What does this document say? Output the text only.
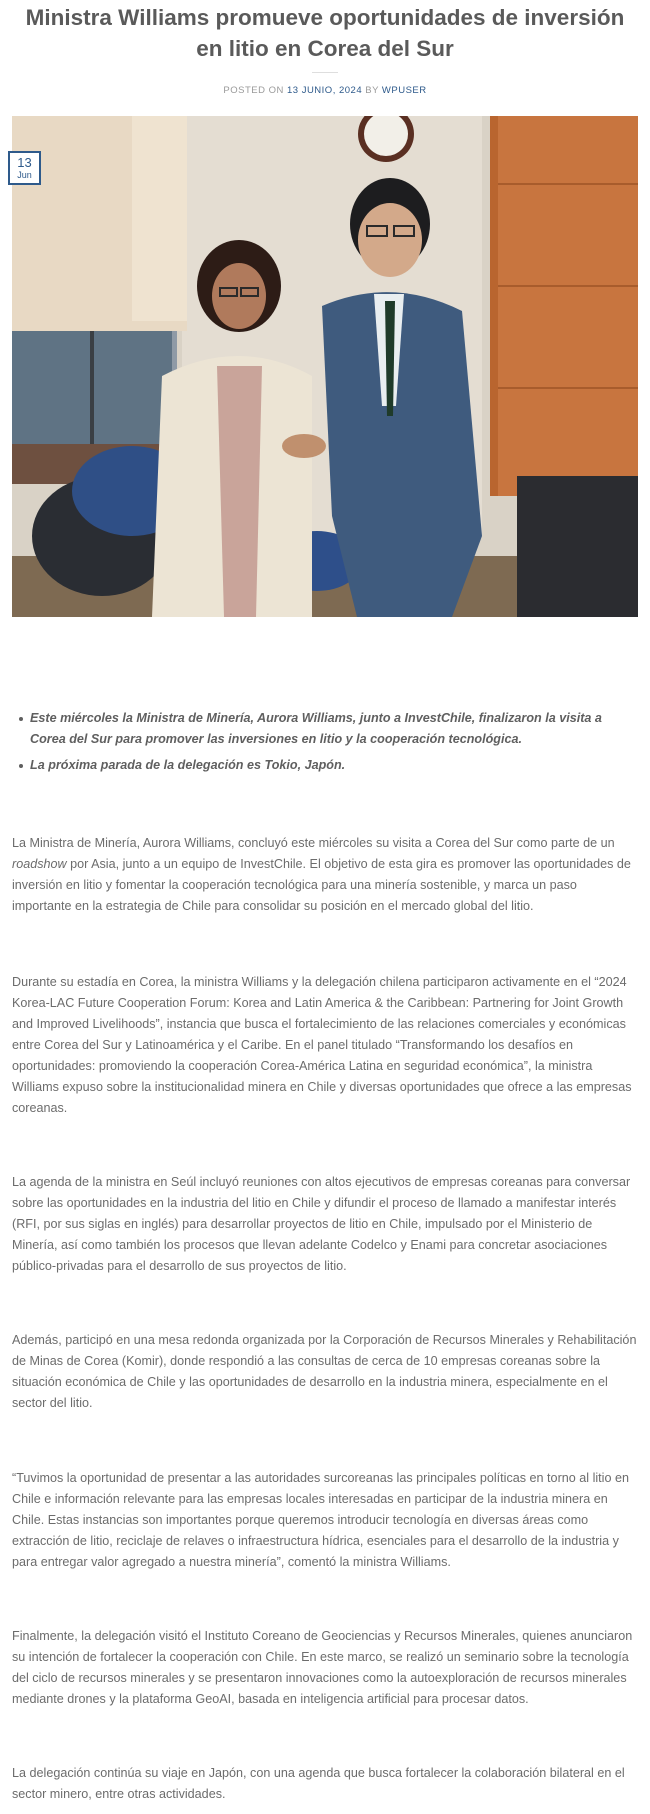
Ministra Williams promueve oportunidades de inversión en litio en Corea del Sur
POSTED ON 13 JUNIO, 2024 BY WPUSER
13
Jun
Este miércoles la Ministra de Minería, Aurora Williams, junto a InvestChile, finalizaron la visita a Corea del Sur para promover las inversiones en litio y la cooperación tecnológica.
La próxima parada de la delegación es Tokio, Japón.

La Ministra de Minería, Aurora Williams, concluyó este miércoles su visita a Corea del Sur como parte de un roadshow por Asia, junto a un equipo de InvestChile. El objetivo de esta gira es promover las oportunidades de inversión en litio y fomentar la cooperación tecnológica para una minería sostenible, y marca un paso importante en la estrategia de Chile para consolidar su posición en el mercado global del litio.

Durante su estadía en Corea, la ministra Williams y la delegación chilena participaron activamente en el “2024 Korea-LAC Future Cooperation Forum: Korea and Latin America & the Caribbean: Partnering for Joint Growth and Improved Livelihoods”, instancia que busca el fortalecimiento de las relaciones comerciales y económicas entre Corea del Sur y Latinoamérica y el Caribe. En el panel titulado “Transformando los desafíos en oportunidades: promoviendo la cooperación Corea-América Latina en seguridad económica”, la ministra Williams expuso sobre la institucionalidad minera en Chile y diversas oportunidades que ofrece a las empresas coreanas.

La agenda de la ministra en Seúl incluyó reuniones con altos ejecutivos de empresas coreanas para conversar sobre las oportunidades en la industria del litio en Chile y difundir el proceso de llamado a manifestar interés (RFI, por sus siglas en inglés) para desarrollar proyectos de litio en Chile, impulsado por el Ministerio de Minería, así como también los procesos que llevan adelante Codelco y Enami para concretar asociaciones público-privadas para el desarrollo de sus proyectos de litio.

Además, participó en una mesa redonda organizada por la Corporación de Recursos Minerales y Rehabilitación de Minas de Corea (Komir), donde respondió a las consultas de cerca de 10 empresas coreanas sobre la situación económica de Chile y las oportunidades de desarrollo en la industria minera, especialmente en el sector del litio.

“Tuvimos la oportunidad de presentar a las autoridades surcoreanas las principales políticas en torno al litio en Chile e información relevante para las empresas locales interesadas en participar de la industria minera en Chile. Estas instancias son importantes porque queremos introducir tecnología en diversas áreas como extracción de litio, reciclaje de relaves o infraestructura hídrica, esenciales para el desarrollo de la industria y para entregar valor agregado a nuestra minería”, comentó la ministra Williams.

Finalmente, la delegación visitó el Instituto Coreano de Geociencias y Recursos Minerales, quienes anunciaron su intención de fortalecer la cooperación con Chile. En este marco, se realizó un seminario sobre la tecnología del ciclo de recursos minerales y se presentaron innovaciones como la autoexploración de recursos minerales mediante drones y la plataforma GeoAI, basada en inteligencia artificial para procesar datos.

La delegación continúa su viaje en Japón, con una agenda que busca fortalecer la colaboración bilateral en el sector minero, entre otras actividades.
